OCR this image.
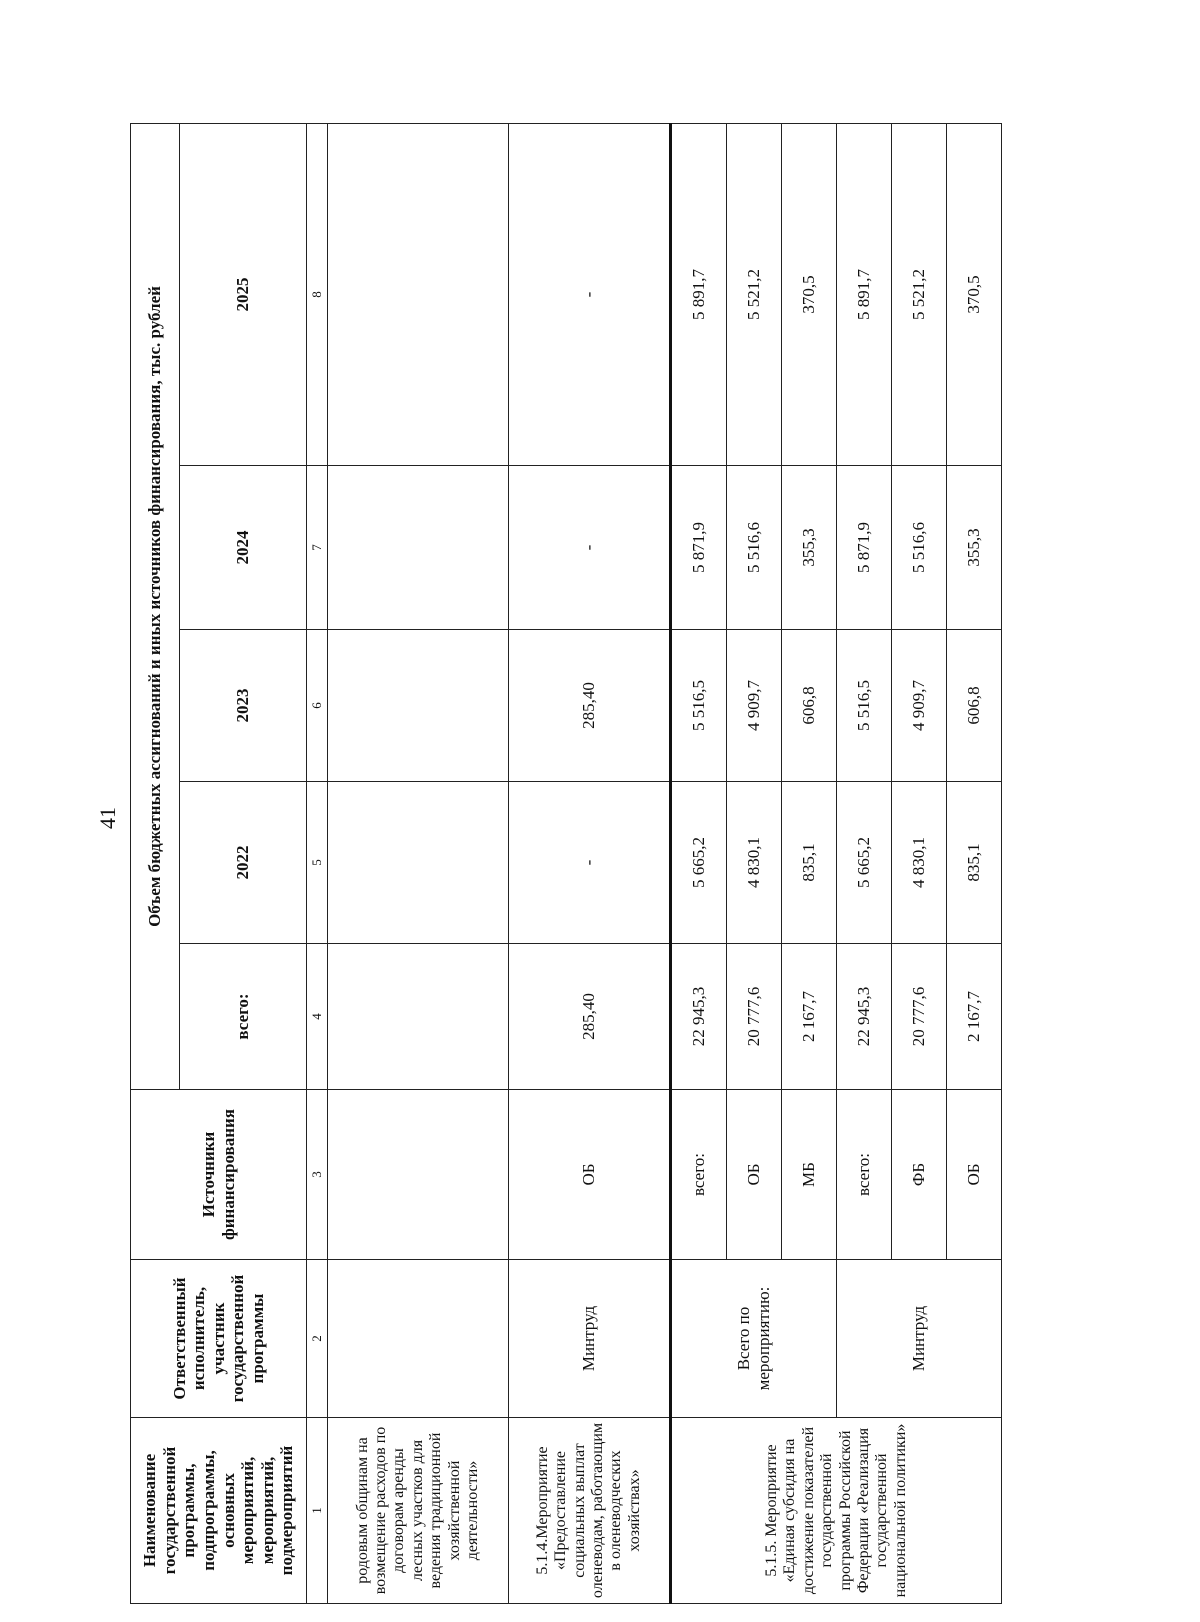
41
Наименование государственной программы, подпрограммы, основных мероприятий, мероприятий, подмероприятий	Ответственный исполнитель, участник государственной программы	Источники финансирования	Объем бюджетных ассигнований и иных источников финансирования, тыс. рублей				
			всего:	2022	2023	2024	2025
1	2	3	4	5	6	7	8
родовым общинам на возмещение расходов по договорам аренды лесных участков для ведения традиционной хозяйственной деятельности»							
5.1.4.Мероприятие «Предоставление социальных выплат оленеводам, работающим в оленеводческих хозяйствах»	Минтруд	ОБ	285,40	-	285,40	-	-
5.1.5. Мероприятие «Единая субсидия на достижение показателей государственной программы Российской Федерации «Реализация государственной национальной политики»	Всего по мероприятию:	всего:	22 945,3	5 665,2	5 516,5	5 871,9	5 891,7
		ОБ	20 777,6	4 830,1	4 909,7	5 516,6	5 521,2
		МБ	2 167,7	835,1	606,8	355,3	370,5
	Минтруд	всего:	22 945,3	5 665,2	5 516,5	5 871,9	5 891,7
		ФБ	20 777,6	4 830,1	4 909,7	5 516,6	5 521,2
		ОБ	2 167,7	835,1	606,8	355,3	370,5
